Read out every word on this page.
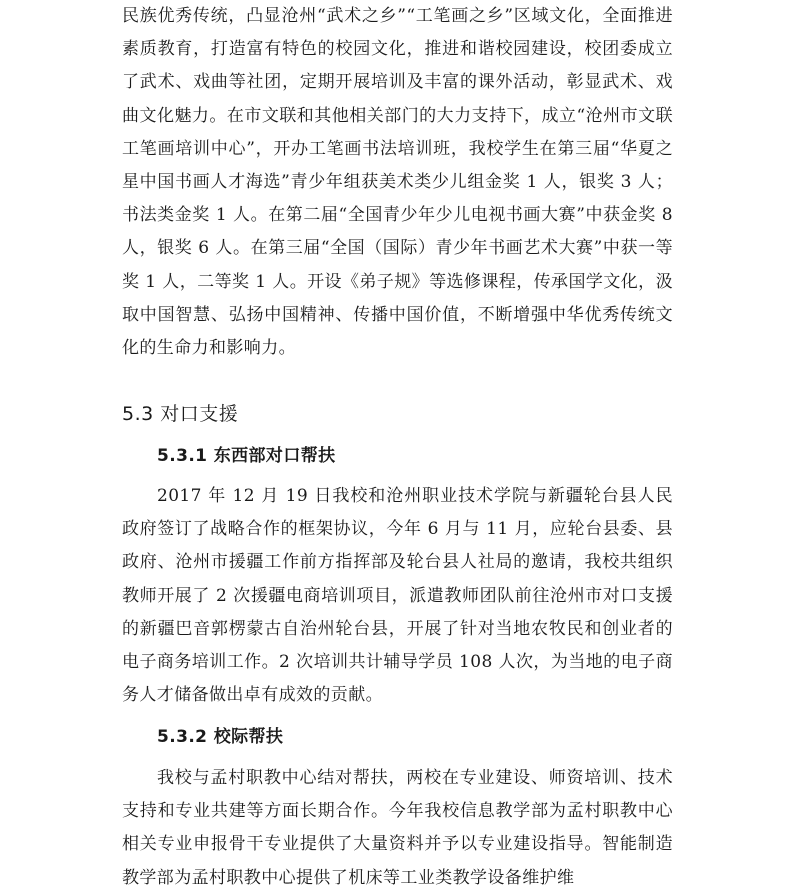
民族优秀传统，凸显沧州“武术之乡”“工笔画之乡”区域文化，全面推进素质教育，打造富有特色的校园文化，推进和谐校园建设，校团委成立了武术、戏曲等社团，定期开展培训及丰富的课外活动，彰显武术、戏曲文化魅力。在市文联和其他相关部门的大力支持下，成立“沧州市文联工笔画培训中心”，开办工笔画书法培训班，我校学生在第三届“华夏之星中国书画人才海选”青少年组获美术类少儿组金奖 1 人，银奖 3 人；书法类金奖 1 人。在第二届“全国青少年少儿电视书画大赛”中获金奖 8 人，银奖 6 人。在第三届“全国（国际）青少年书画艺术大赛”中获一等奖 1 人，二等奖 1 人。开设《弟子规》等选修课程，传承国学文化，汲取中国智慧、弘扬中国精神、传播中国价值，不断增强中华优秀传统文化的生命力和影响力。

5.3 对口支援
5.3.1 东西部对口帮扶

2017 年 12 月 19 日我校和沧州职业技术学院与新疆轮台县人民政府签订了战略合作的框架协议，今年 6 月与 11 月，应轮台县委、县政府、沧州市援疆工作前方指挥部及轮台县人社局的邀请，我校共组织教师开展了 2 次援疆电商培训项目，派遣教师团队前往沧州市对口支援的新疆巴音郭楞蒙古自治州轮台县，开展了针对当地农牧民和创业者的电子商务培训工作。2 次培训共计辅导学员 108 人次，为当地的电子商务人才储备做出卓有成效的贡献。

5.3.2 校际帮扶

我校与孟村职教中心结对帮扶，两校在专业建设、师资培训、技术支持和专业共建等方面长期合作。今年我校信息教学部为孟村职教中心相关专业申报骨干专业提供了大量资料并予以专业建设指导。智能制造教学部为孟村职教中心提供了机床等工业类教学设备维护维
